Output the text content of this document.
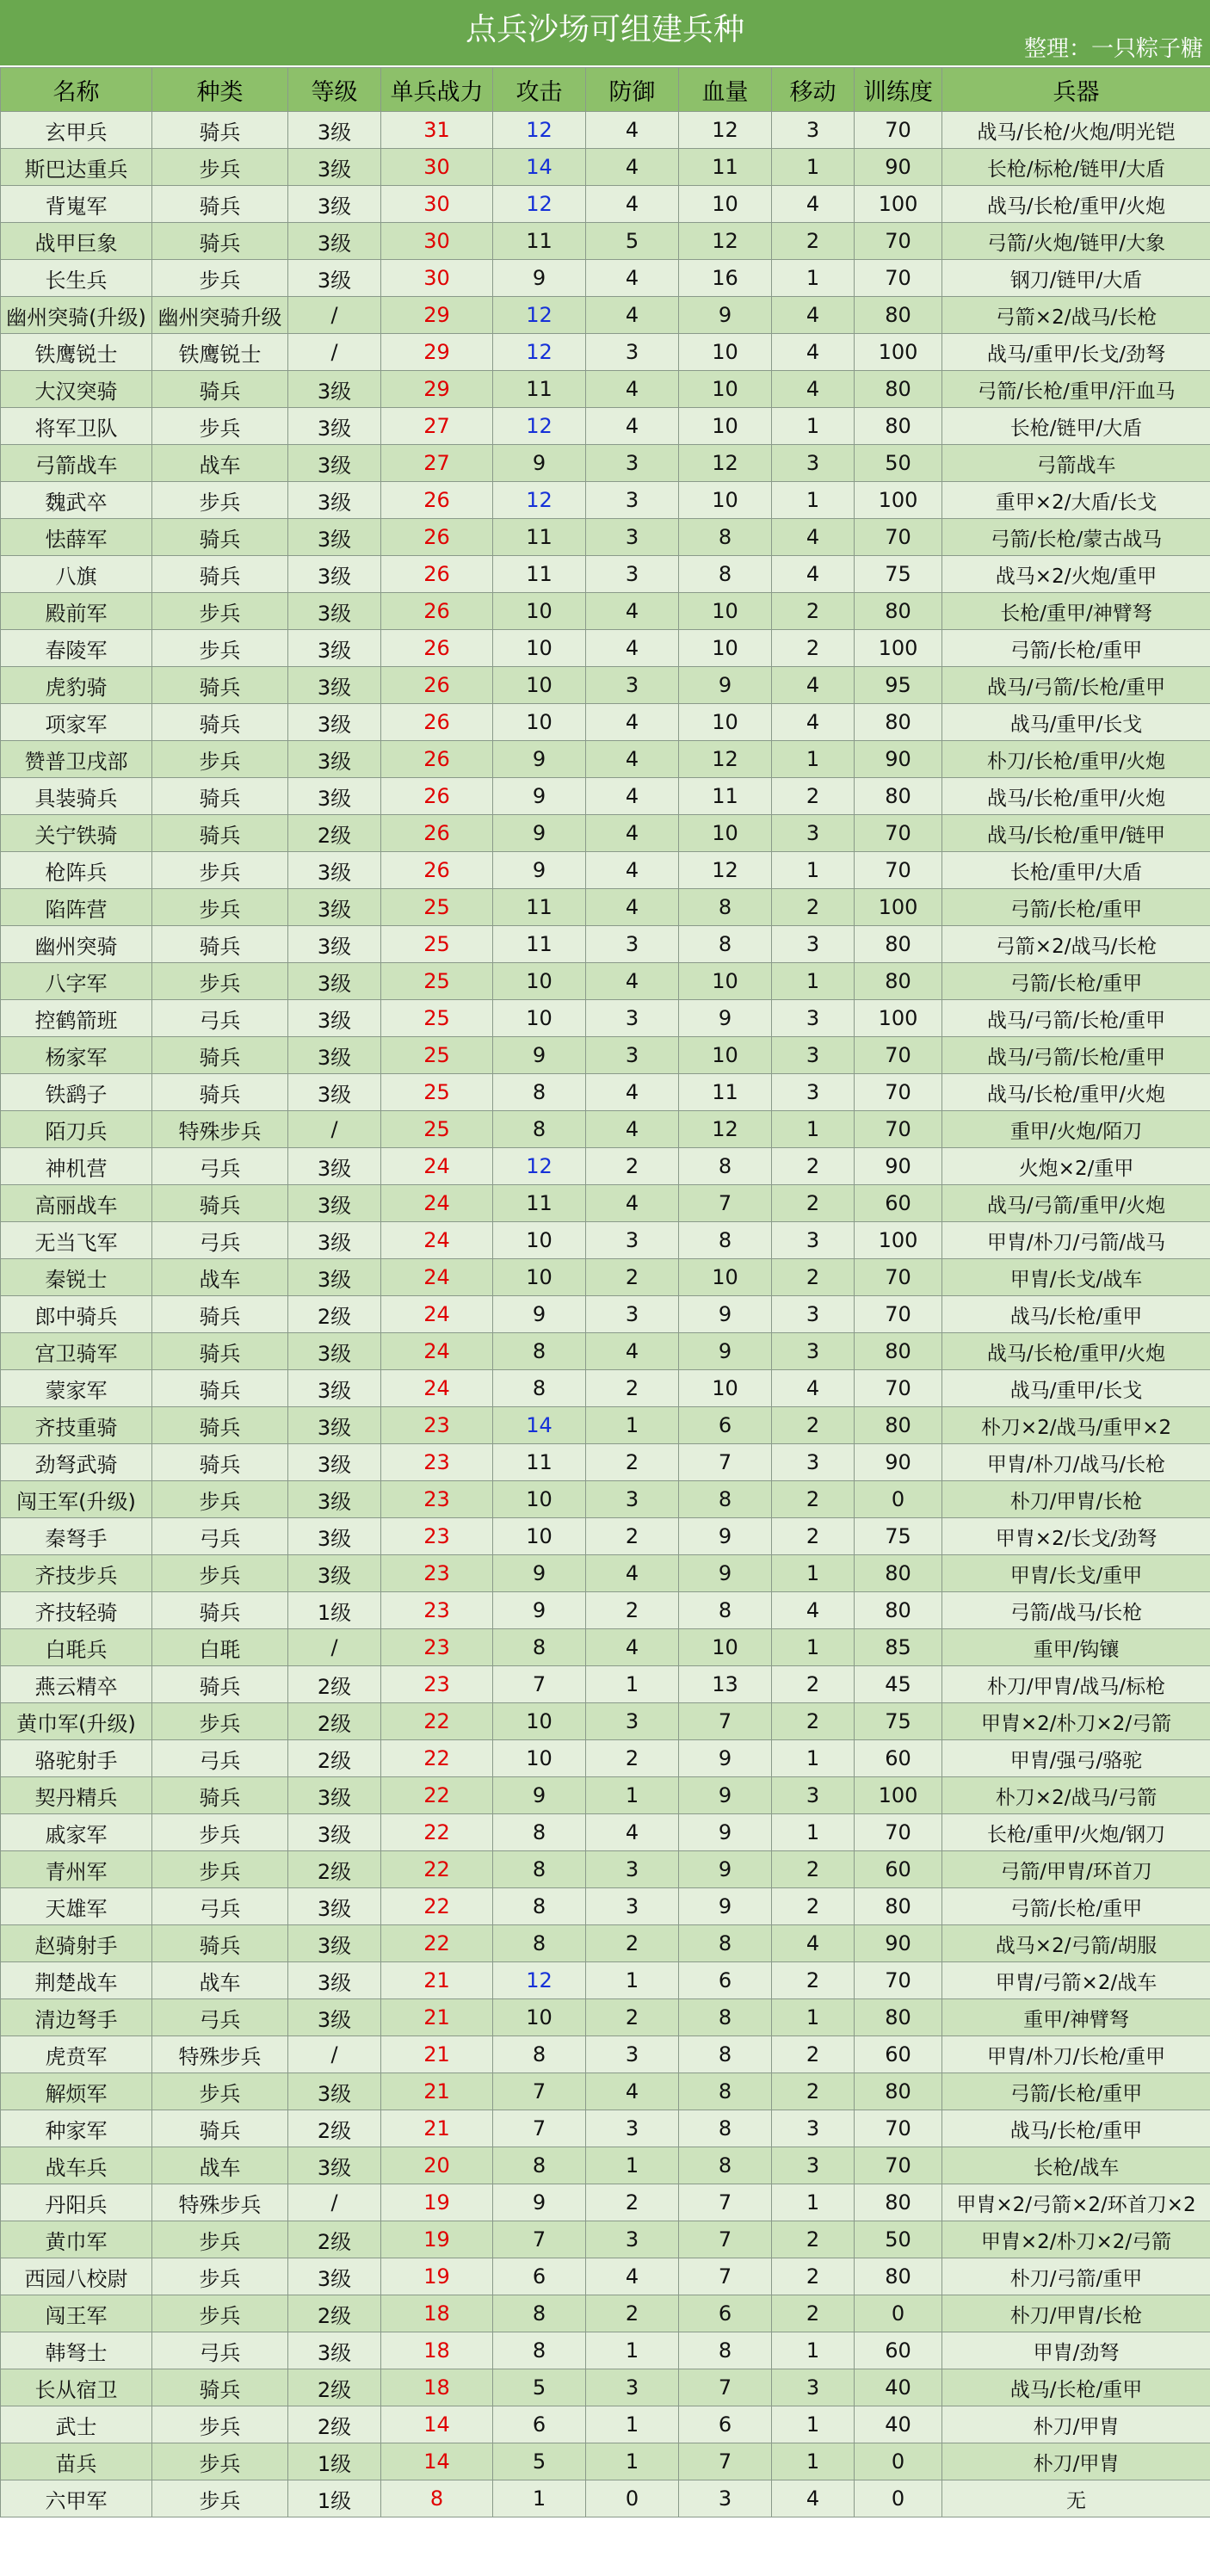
点兵沙场可组建兵种
整理：一只粽子糖
名称	种类	等级	单兵战力	攻击	防御	血量	移动	训练度	兵器
玄甲兵	骑兵	3级	31	12	4	12	3	70	战马/长枪/火炮/明光铠
斯巴达重兵	步兵	3级	30	14	4	11	1	90	长枪/标枪/链甲/大盾
背嵬军	骑兵	3级	30	12	4	10	4	100	战马/长枪/重甲/火炮
战甲巨象	骑兵	3级	30	11	5	12	2	70	弓箭/火炮/链甲/大象
长生兵	步兵	3级	30	9	4	16	1	70	钢刀/链甲/大盾
幽州突骑(升级)	幽州突骑升级	/	29	12	4	9	4	80	弓箭×2/战马/长枪
铁鹰锐士	铁鹰锐士	/	29	12	3	10	4	100	战马/重甲/长戈/劲弩
大汉突骑	骑兵	3级	29	11	4	10	4	80	弓箭/长枪/重甲/汗血马
将军卫队	步兵	3级	27	12	4	10	1	80	长枪/链甲/大盾
弓箭战车	战车	3级	27	9	3	12	3	50	弓箭战车
魏武卒	步兵	3级	26	12	3	10	1	100	重甲×2/大盾/长戈
怯薛军	骑兵	3级	26	11	3	8	4	70	弓箭/长枪/蒙古战马
八旗	骑兵	3级	26	11	3	8	4	75	战马×2/火炮/重甲
殿前军	步兵	3级	26	10	4	10	2	80	长枪/重甲/神臂弩
春陵军	步兵	3级	26	10	4	10	2	100	弓箭/长枪/重甲
虎豹骑	骑兵	3级	26	10	3	9	4	95	战马/弓箭/长枪/重甲
项家军	骑兵	3级	26	10	4	10	4	80	战马/重甲/长戈
赞普卫戌部	步兵	3级	26	9	4	12	1	90	朴刀/长枪/重甲/火炮
具装骑兵	骑兵	3级	26	9	4	11	2	80	战马/长枪/重甲/火炮
关宁铁骑	骑兵	2级	26	9	4	10	3	70	战马/长枪/重甲/链甲
枪阵兵	步兵	3级	26	9	4	12	1	70	长枪/重甲/大盾
陷阵营	步兵	3级	25	11	4	8	2	100	弓箭/长枪/重甲
幽州突骑	骑兵	3级	25	11	3	8	3	80	弓箭×2/战马/长枪
八字军	步兵	3级	25	10	4	10	1	80	弓箭/长枪/重甲
控鹤箭班	弓兵	3级	25	10	3	9	3	100	战马/弓箭/长枪/重甲
杨家军	骑兵	3级	25	9	3	10	3	70	战马/弓箭/长枪/重甲
铁鹞子	骑兵	3级	25	8	4	11	3	70	战马/长枪/重甲/火炮
陌刀兵	特殊步兵	/	25	8	4	12	1	70	重甲/火炮/陌刀
神机营	弓兵	3级	24	12	2	8	2	90	火炮×2/重甲
高丽战车	骑兵	3级	24	11	4	7	2	60	战马/弓箭/重甲/火炮
无当飞军	弓兵	3级	24	10	3	8	3	100	甲胄/朴刀/弓箭/战马
秦锐士	战车	3级	24	10	2	10	2	70	甲胄/长戈/战车
郎中骑兵	骑兵	2级	24	9	3	9	3	70	战马/长枪/重甲
宫卫骑军	骑兵	3级	24	8	4	9	3	80	战马/长枪/重甲/火炮
蒙家军	骑兵	3级	24	8	2	10	4	70	战马/重甲/长戈
齐技重骑	骑兵	3级	23	14	1	6	2	80	朴刀×2/战马/重甲×2
劲弩武骑	骑兵	3级	23	11	2	7	3	90	甲胄/朴刀/战马/长枪
闯王军(升级)	步兵	3级	23	10	3	8	2	0	朴刀/甲胄/长枪
秦弩手	弓兵	3级	23	10	2	9	2	75	甲胄×2/长戈/劲弩
齐技步兵	步兵	3级	23	9	4	9	1	80	甲胄/长戈/重甲
齐技轻骑	骑兵	1级	23	9	2	8	4	80	弓箭/战马/长枪
白毦兵	白毦	/	23	8	4	10	1	85	重甲/钩镶
燕云精卒	骑兵	2级	23	7	1	13	2	45	朴刀/甲胄/战马/标枪
黄巾军(升级)	步兵	2级	22	10	3	7	2	75	甲胄×2/朴刀×2/弓箭
骆驼射手	弓兵	2级	22	10	2	9	1	60	甲胄/强弓/骆驼
契丹精兵	骑兵	3级	22	9	1	9	3	100	朴刀×2/战马/弓箭
戚家军	步兵	3级	22	8	4	9	1	70	长枪/重甲/火炮/钢刀
青州军	步兵	2级	22	8	3	9	2	60	弓箭/甲胄/环首刀
天雄军	弓兵	3级	22	8	3	9	2	80	弓箭/长枪/重甲
赵骑射手	骑兵	3级	22	8	2	8	4	90	战马×2/弓箭/胡服
荆楚战车	战车	3级	21	12	1	6	2	70	甲胄/弓箭×2/战车
清边弩手	弓兵	3级	21	10	2	8	1	80	重甲/神臂弩
虎贲军	特殊步兵	/	21	8	3	8	2	60	甲胄/朴刀/长枪/重甲
解烦军	步兵	3级	21	7	4	8	2	80	弓箭/长枪/重甲
种家军	骑兵	2级	21	7	3	8	3	70	战马/长枪/重甲
战车兵	战车	3级	20	8	1	8	3	70	长枪/战车
丹阳兵	特殊步兵	/	19	9	2	7	1	80	甲胄×2/弓箭×2/环首刀×2
黄巾军	步兵	2级	19	7	3	7	2	50	甲胄×2/朴刀×2/弓箭
西园八校尉	步兵	3级	19	6	4	7	2	80	朴刀/弓箭/重甲
闯王军	步兵	2级	18	8	2	6	2	0	朴刀/甲胄/长枪
韩弩士	弓兵	3级	18	8	1	8	1	60	甲胄/劲弩
长从宿卫	骑兵	2级	18	5	3	7	3	40	战马/长枪/重甲
武士	步兵	2级	14	6	1	6	1	40	朴刀/甲胄
苗兵	步兵	1级	14	5	1	7	1	0	朴刀/甲胄
六甲军	步兵	1级	8	1	0	3	4	0	无
